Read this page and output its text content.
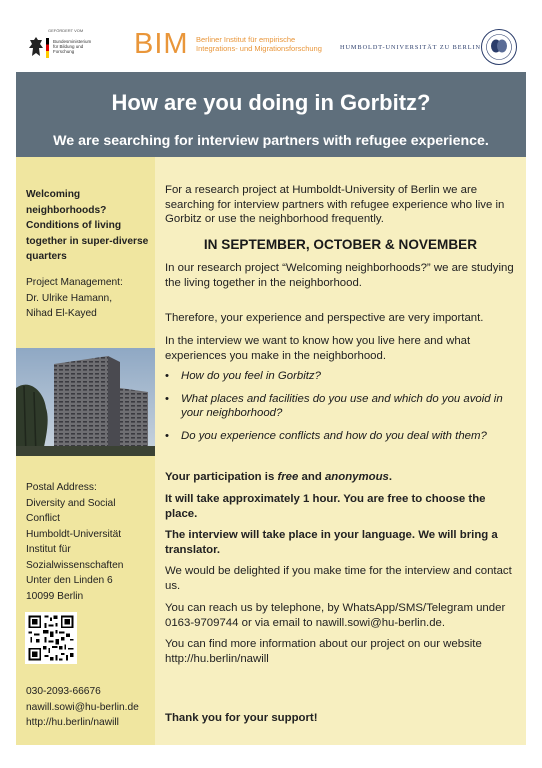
GEFÖRDERT VOM
Bundesministerium für Bildung und Forschung	BIM Berliner Institut für empirische Integrations- und Migrationsforschung	HUMBOLDT-UNIVERSITÄT ZU BERLIN
How are you doing in Gorbitz?
We are searching for interview partners with refugee experience.
Welcoming neighborhoods? Conditions of living together in super-diverse quarters
Project Management:
Dr. Ulrike Hamann,
Nihad El-Kayed
Postal Address:
Diversity and Social Conflict
Humboldt-Universität
Institut für Sozialwissenschaften
Unter den Linden 6
10099 Berlin
030-2093-66676
nawill.sowi@hu-berlin.de
http://hu.berlin/nawill

For a research project at Humboldt-University of Berlin we are searching for interview partners with refugee experience who live in Gorbitz or use the neighborhood frequently.

IN SEPTEMBER, OCTOBER & NOVEMBER

In our research project “Welcoming neighborhoods?” we are studying the living together in the neighborhood.

Therefore, your experience and perspective are very important.

In the interview we want to know how you live here and what experiences you make in the neighborhood.

• How do you feel in Gorbitz?
• What places and facilities do you use and which do you avoid in your neighborhood?
• Do you experience conflicts and how do you deal with them?

Your participation is free and anonymous.

It will take approximately 1 hour. You are free to choose the place.

The interview will take place in your language. We will bring a translator.

We would be delighted if you make time for the interview and contact us.

You can reach us by telephone, by WhatsApp/SMS/Telegram under 0163-9709744 or via email to nawill.sowi@hu-berlin.de.

You can find more information about our project on our website http://hu.berlin/nawill

Thank you for your support!
